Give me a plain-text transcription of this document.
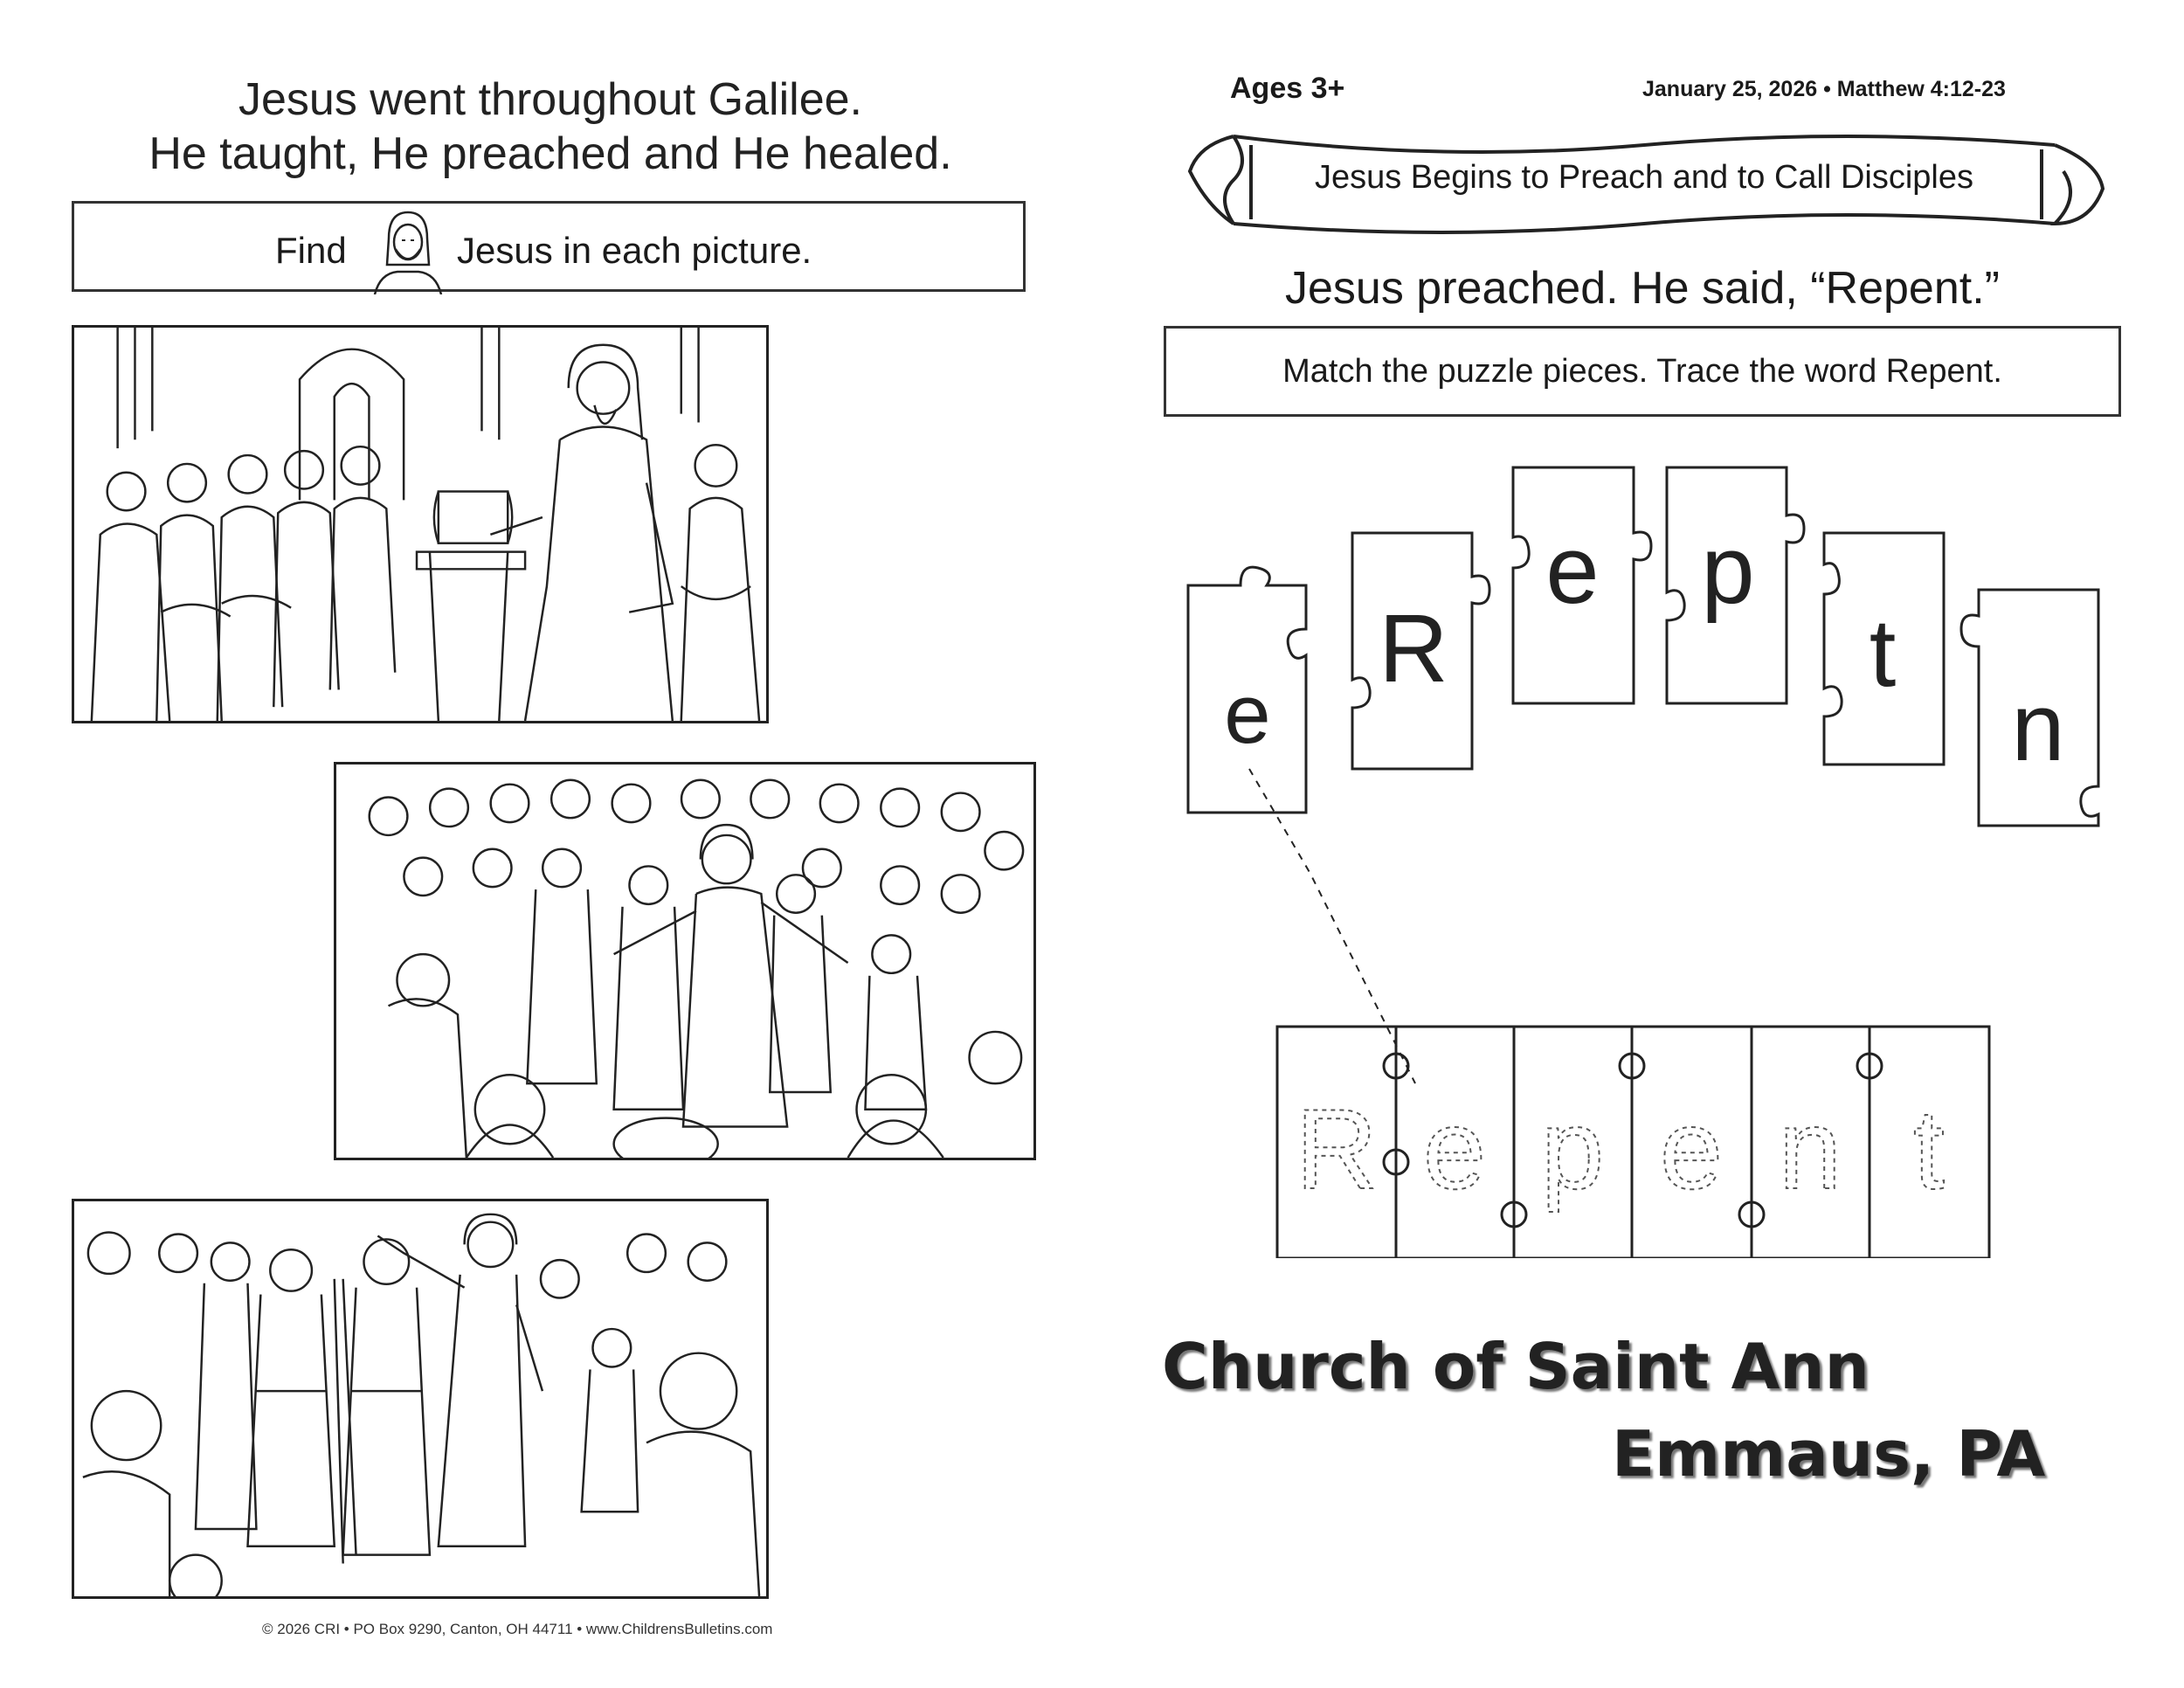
Jesus went throughout Galilee.
He taught, He preached and He healed.
Find	Jesus in each picture.
© 2026 CRI • PO Box 9290, Canton, OH 44711 • www.ChildrensBulletins.com
Ages 3+	January 25, 2026 • Matthew 4:12-23
Jesus Begins to Preach and to Call Disciples
Jesus preached. He said, “Repent.”
Match the puzzle pieces. Trace the word Repent.
e
R
e p
t
n
R e p e n t
Church of Saint Ann
Emmaus, PA
